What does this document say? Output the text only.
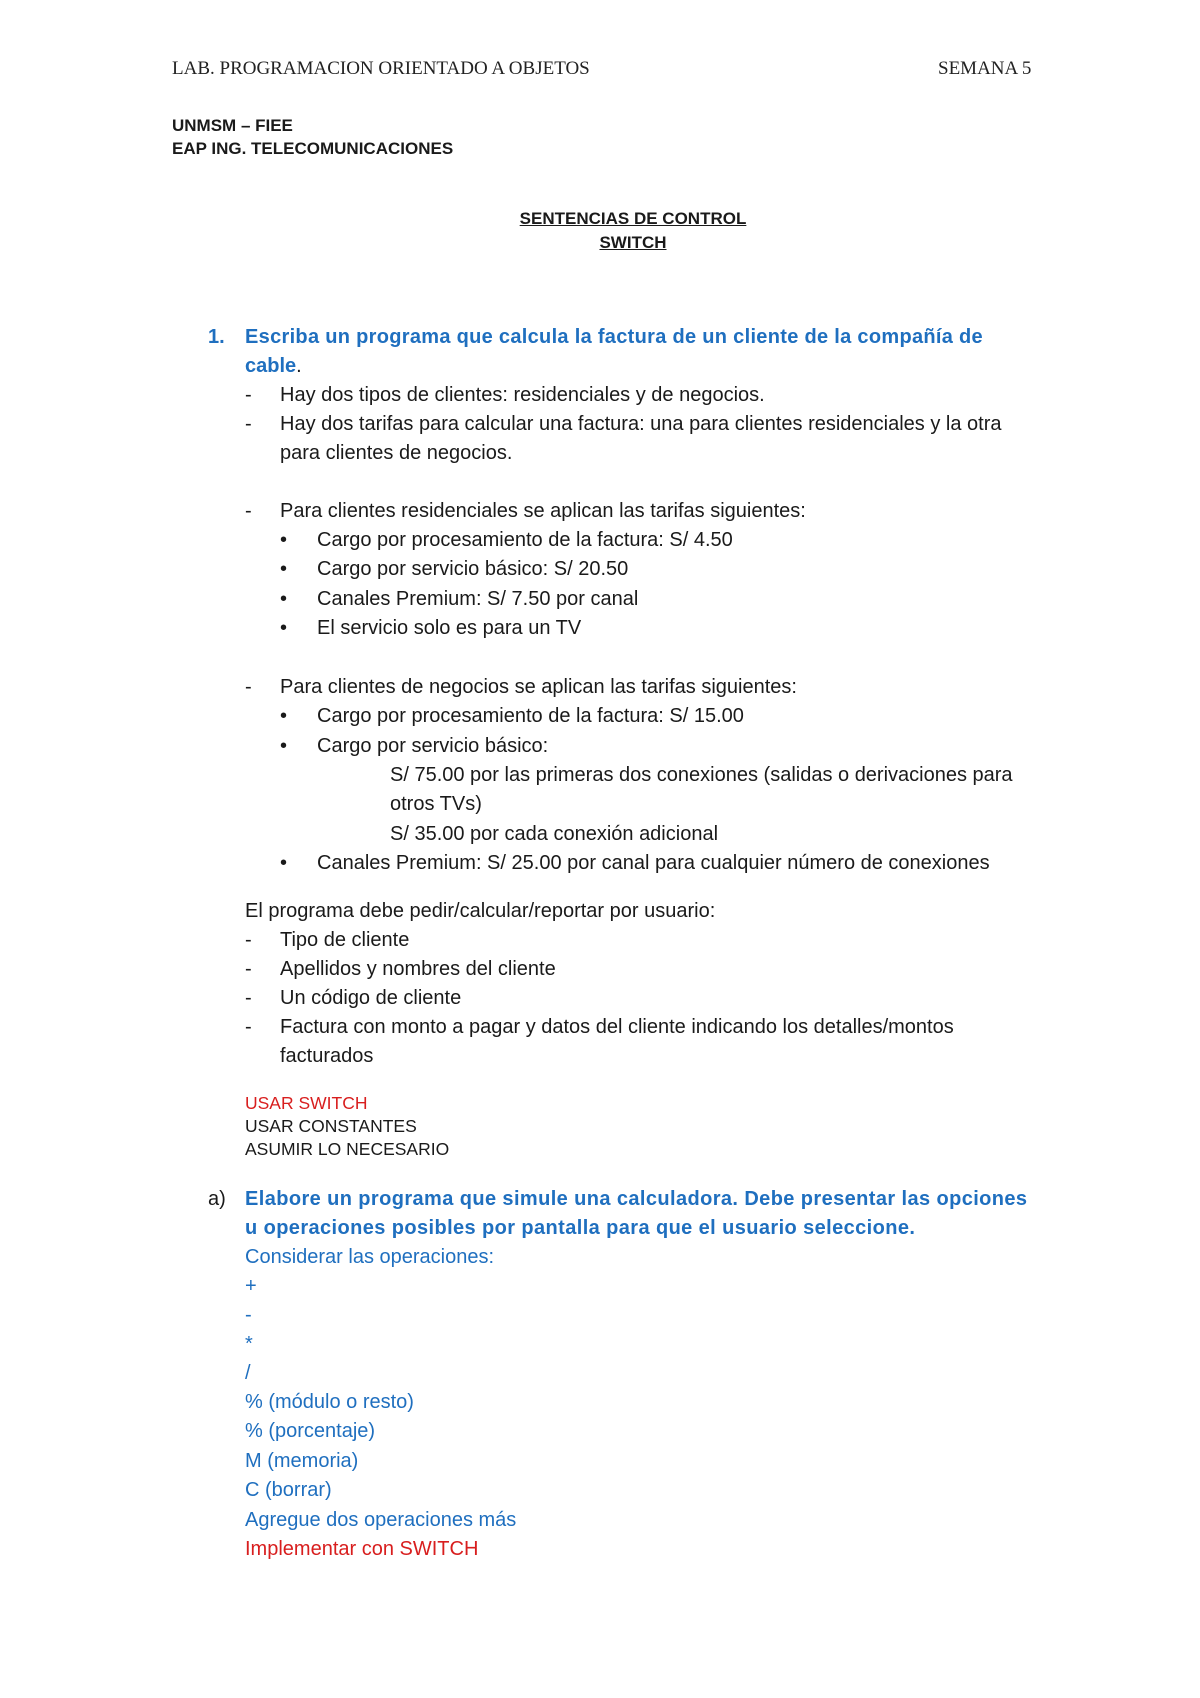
LAB. PROGRAMACION ORIENTADO A OBJETOS	SEMANA 5
UNMSM – FIEE
EAP ING. TELECOMUNICACIONES
SENTENCIAS DE CONTROL
SWITCH
1. Escriba un programa que calcula la factura de un cliente de la compañía de
cable.
- Hay dos tipos de clientes: residenciales y de negocios.
- Hay dos tarifas para calcular una factura: una para clientes residenciales y la otra
para clientes de negocios.
- Para clientes residenciales se aplican las tarifas siguientes:
• Cargo por procesamiento de la factura: S/ 4.50
• Cargo por servicio básico: S/ 20.50
• Canales Premium: S/ 7.50 por canal
• El servicio solo es para un TV
- Para clientes de negocios se aplican las tarifas siguientes:
• Cargo por procesamiento de la factura: S/ 15.00
• Cargo por servicio básico:
S/ 75.00 por las primeras dos conexiones (salidas o derivaciones para
otros TVs)
S/ 35.00 por cada conexión adicional
• Canales Premium: S/ 25.00 por canal para cualquier número de conexiones
El programa debe pedir/calcular/reportar por usuario:
- Tipo de cliente
- Apellidos y nombres del cliente
- Un código de cliente
- Factura con monto a pagar y datos del cliente indicando los detalles/montos
facturados
USAR SWITCH
USAR CONSTANTES
ASUMIR LO NECESARIO
a) Elabore un programa que simule una calculadora. Debe presentar las opciones
u operaciones posibles por pantalla para que el usuario seleccione.
Considerar las operaciones:
+
-
*
/
% (módulo o resto)
% (porcentaje)
M (memoria)
C (borrar)
Agregue dos operaciones más
Implementar con SWITCH
